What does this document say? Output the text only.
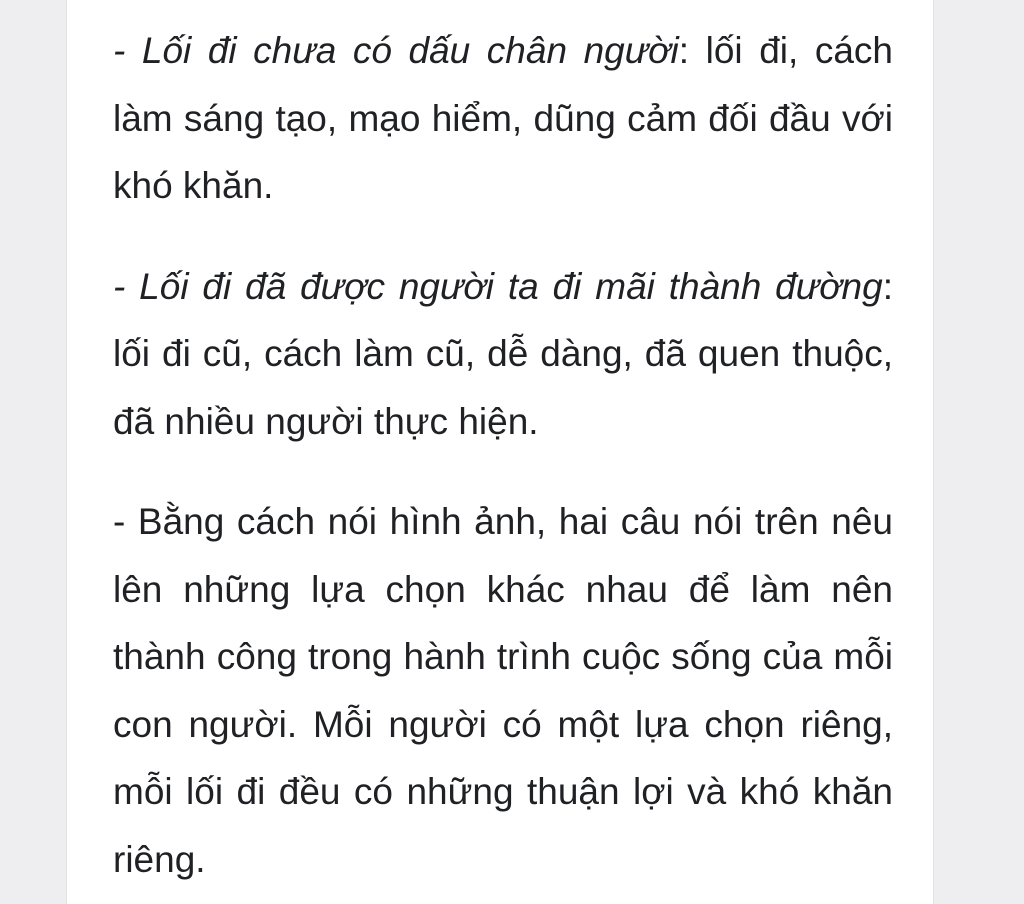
- Lối đi chưa có dấu chân người: lối đi, cách làm sáng tạo, mạo hiểm, dũng cảm đối đầu với khó khăn.

- Lối đi đã được người ta đi mãi thành đường: lối đi cũ, cách làm cũ, dễ dàng, đã quen thuộc, đã nhiều người thực hiện.

- Bằng cách nói hình ảnh, hai câu nói trên nêu lên những lựa chọn khác nhau để làm nên thành công trong hành trình cuộc sống của mỗi con người. Mỗi người có một lựa chọn riêng, mỗi lối đi đều có những thuận lợi và khó khăn riêng.
